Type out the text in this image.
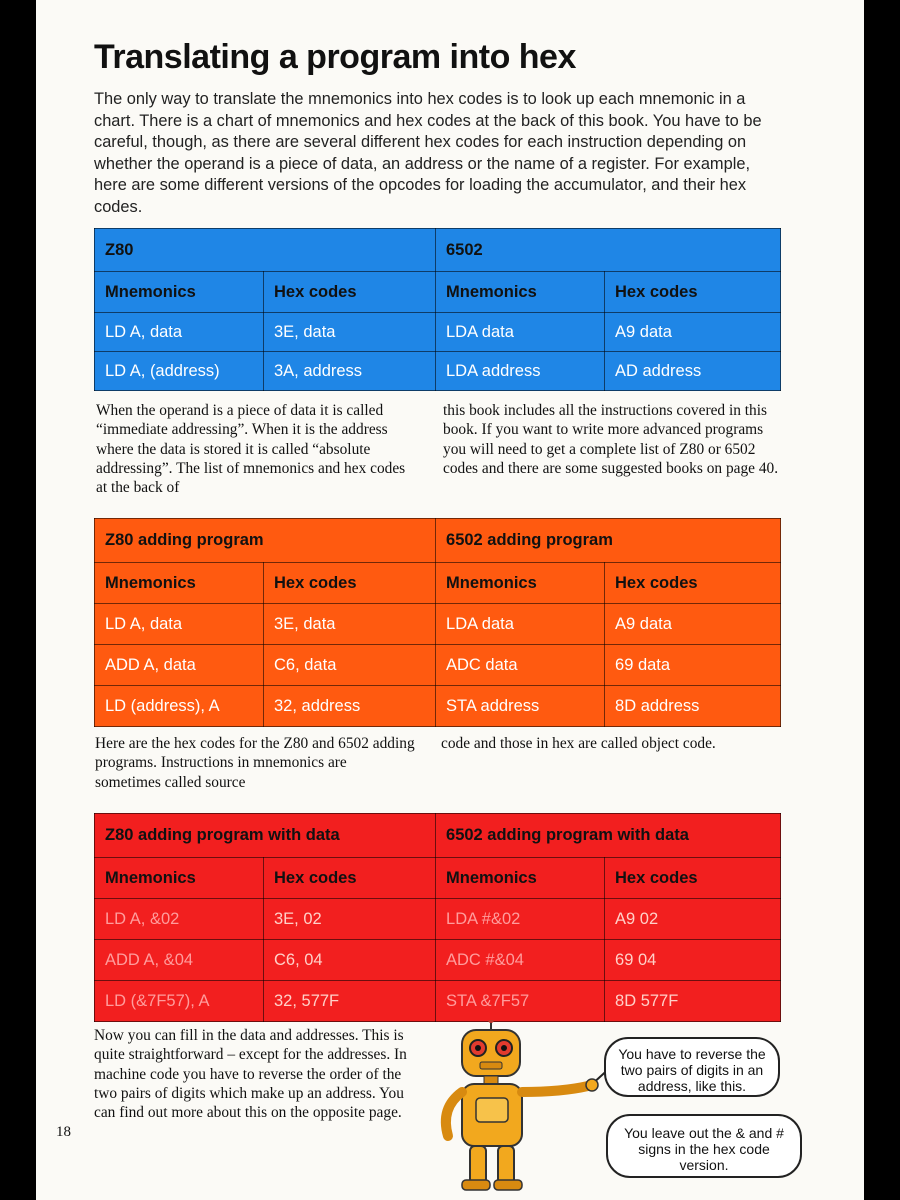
Translating a program into hex

The only way to translate the mnemonics into hex codes is to look up each mnemonic in a chart. There is a chart of mnemonics and hex codes at the back of this book. You have to be careful, though, as there are several different hex codes for each instruction depending on whether the operand is a piece of data, an address or the name of a register. For example, here are some different versions of the opcodes for loading the accumulator, and their hex codes.

Z80		6502	
Mnemonics	Hex codes	Mnemonics	Hex codes
LD A, data	3E, data	LDA data	A9 data
LD A, (address)	3A, address	LDA address	AD address

When the operand is a piece of data it is called “immediate addressing”. When it is the address where the data is stored it is called “absolute addressing”. The list of mnemonics and hex codes at the back of

this book includes all the instructions covered in this book. If you want to write more advanced programs you will need to get a complete list of Z80 or 6502 codes and there are some suggested books on page 40.

Z80 adding program		6502 adding program	
Mnemonics	Hex codes	Mnemonics	Hex codes
LD A, data	3E, data	LDA data	A9 data
ADD A, data	C6, data	ADC data	69 data
LD (address), A	32, address	STA address	8D address

Here are the hex codes for the Z80 and 6502 adding programs. Instructions in mnemonics are sometimes called source

code and those in hex are called object code.

Z80 adding program with data		6502 adding program with data	
Mnemonics	Hex codes	Mnemonics	Hex codes
LD A, &02	3E, 02	LDA #&02	A9 02
ADD A, &04	C6, 04	ADC #&04	69 04
LD (&7F57), A	32, 577F	STA &7F57	8D 577F

Now you can fill in the data and addresses. This is quite straightforward – except for the addresses. In machine code you have to reverse the order of the two pairs of digits which make up an address. You can find out more about this on the opposite page.

18
You have to reverse the two pairs of digits in an address, like this.
You leave out the & and # signs in the hex code version.
